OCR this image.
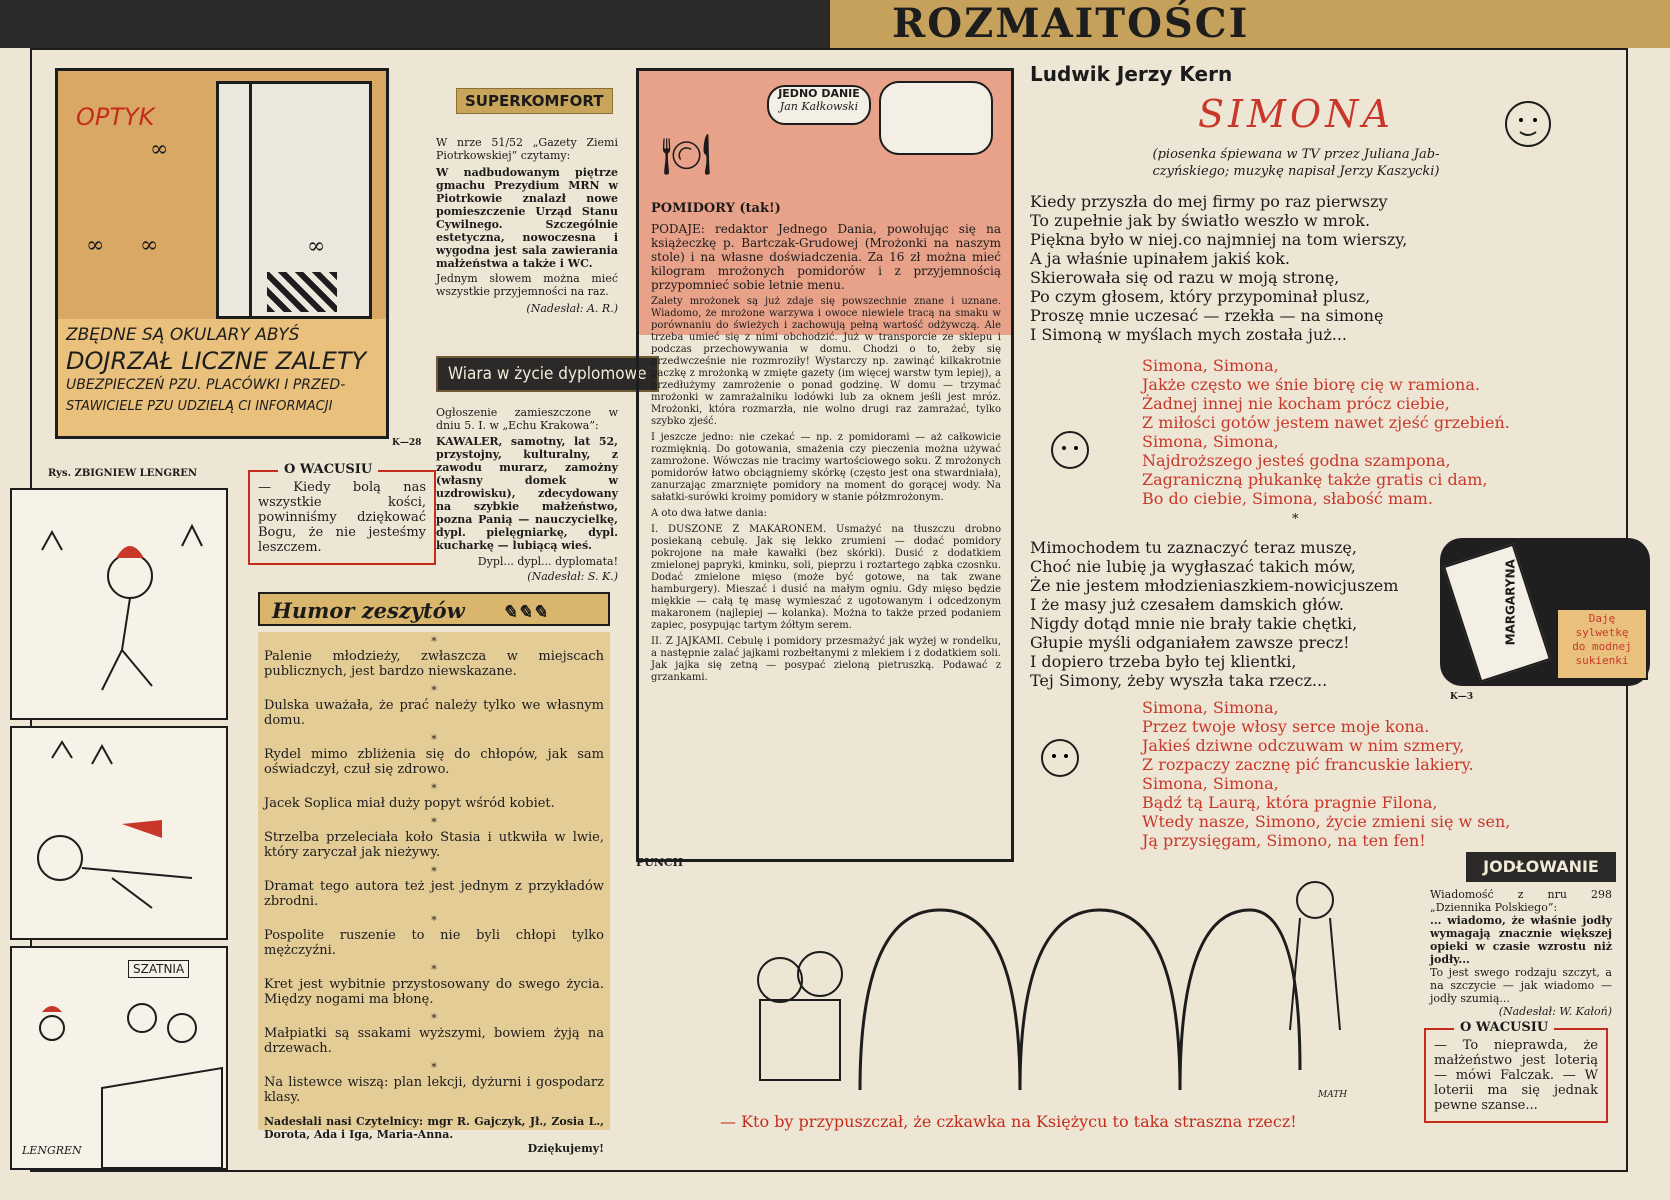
ROZMAITOŚCI
∞
OPTYK
∞
∞ ∞
ZBĘDNE SĄ OKULARY ABYŚ
DOJRZAŁ LICZNE ZALETY
UBEZPIECZEŃ PZU. PLACÓWKI I PRZED-
STAWICIELE PZU UDZIELĄ CI INFORMACJI
K—28
SUPERKOMFORT
W nrze 51/52 „Gazety Ziemi Piotrkowskiej” czytamy:
W nadbudowanym piętrze gmachu Prezydium MRN w Piotrkowie znalazł nowe pomieszczenie Urząd Stanu Cywilnego. Szczególnie estetyczna, nowoczesna i wygodna jest sala zawierania małżeństwa a także i WC.
Jednym słowem można mieć wszystkie przyjemności na raz.
(Nadesłał: A. R.)
Wiara w życie dyplomowe
Ogłoszenie zamieszczone w dniu 5. I. w „Echu Krakowa”:
KAWALER, samotny, lat 52, przystojny, kulturalny, z zawodu murarz, zamożny (własny domek w uzdrowisku), zdecydowany na szybkie małżeństwo, pozna Panią — nauczycielkę, dypl. pielęgniarkę, dypl. kucharkę — lubiącą wieś.
Dypl... dypl... dyplomata!
(Nadesłał: S. K.)
Rys. ZBIGNIEW LENGREN
SZATNIA
LENGREN
O WACUSIU
— Kiedy bolą nas wszystkie kości, powinniśmy dziękować Bogu, że nie jesteśmy leszczem.
Humor zeszytów ✎✎✎
*
Palenie młodzieży, zwłaszcza w miejscach publicznych, jest bardzo niewskazane.
*
Dulska uważała, że prać należy tylko we własnym domu.
*
Rydel mimo zbliżenia się do chłopów, jak sam oświadczył, czuł się zdrowo.
*
Jacek Soplica miał duży popyt wśród kobiet.
*
Strzelba przeleciała koło Stasia i utkwiła w lwie, który zaryczał jak nieżywy.
*
Dramat tego autora też jest jednym z przykładów zbrodni.
*
Pospolite ruszenie to nie byli chłopi tylko mężczyźni.
*
Kret jest wybitnie przystosowany do swego życia. Między nogami ma błonę.
*
Małpiatki są ssakami wyższymi, bowiem żyją na drzewach.
*
Na listewce wiszą: plan lekcji, dyżurni i gospodarz klasy.
Nadesłali nasi Czytelnicy: mgr R. Gajczyk, Jł., Zosia L., Dorota, Ada i Iga, Maria-Anna.
Dziękujemy!
JEDNO DANIE
Jan Kałkowski
🍽
POMIDORY (tak!)
PODAJE: redaktor Jednego Dania, powołując się na książeczkę p. Bartczak-Grudowej (Mrożonki na naszym stole) i na własne doświadczenia. Za 16 zł można mieć kilogram mrożonych pomidorów i z przyjemnością przypomnieć sobie letnie menu.
Zalety mrożonek są już zdaje się powszechnie znane i uznane. Wiadomo, że mrożone warzywa i owoce niewiele tracą na smaku w porównaniu do świeżych i zachowują pełną wartość odżywczą. Ale trzeba umieć się z nimi obchodzić. Już w transporcie ze sklepu i podczas przechowywania w domu. Chodzi o to, żeby się przedwcześnie nie rozmroziły! Wystarczy np. zawinąć kilkakrotnie paczkę z mrożonką w zmięte gazety (im więcej warstw tym lepiej), a przedłużymy zamrożenie o ponad godzinę. W domu — trzymać mrożonki w zamrażalniku lodówki lub za oknem jeśli jest mróz. Mrożonki, która rozmarzła, nie wolno drugi raz zamrażać, tylko szybko zjeść.
I jeszcze jedno: nie czekać — np. z pomidorami — aż całkowicie rozmięknią. Do gotowania, smażenia czy pieczenia można używać zamrożone. Wówczas nie tracimy wartościowego soku. Z mrożonych pomidorów łatwo obciągniemy skórkę (często jest ona stwardniała), zanurzając zmarznięte pomidory na moment do gorącej wody. Na sałatki-surówki kroimy pomidory w stanie półzmrożonym.
A oto dwa łatwe dania:
I. DUSZONE Z MAKARONEM. Usmażyć na tłuszczu drobno posiekaną cebulę. Jak się lekko zrumieni — dodać pomidory pokrojone na małe kawałki (bez skórki). Dusić z dodatkiem zmielonej papryki, kminku, soli, pieprzu i roztartego ząbka czosnku. Dodać zmielone mięso (może być gotowe, na tak zwane hamburgery). Mieszać i dusić na małym ogniu. Gdy mięso będzie miękkie — całą tę masę wymieszać z ugotowanym i odcedzonym makaronem (najlepiej — kolanka). Można to także przed podaniem zapiec, posypując tartym żółtym serem.
II. Z JAJKAMI. Cebulę i pomidory przesmażyć jak wyżej w rondelku, a następnie zalać jajkami rozbełtanymi z mlekiem i z dodatkiem soli. Jak jajka się zetną — posypać zieloną pietruszką. Podawać z grzankami.
PUNCH
MATH
— Kto by przypuszczał, że czkawka na Księżycu to taka straszna rzecz!
Ludwik Jerzy Kern
SIMONA
(piosenka śpiewana w TV przez Juliana Jab-
czyńskiego; muzykę napisał Jerzy Kaszycki)
Kiedy przyszła do mej firmy po raz pierwszy
To zupełnie jak by światło weszło w mrok.
Piękna było w niej.co najmniej na tom wierszy,
A ja właśnie upinałem jakiś kok.
Skierowała się od razu w moją stronę,
Po czym głosem, który przypominał plusz,
Proszę mnie uczesać — rzekła — na simonę
I Simoną w myślach mych została już...
Simona, Simona,
Jakże często we śnie biorę cię w ramiona.
Żadnej innej nie kocham prócz ciebie,
Z miłości gotów jestem nawet zjeść grzebień.
Simona, Simona,
Najdroższego jesteś godna szampona,
Zagraniczną płukankę także gratis ci dam,
Bo do ciebie, Simona, słabość mam.
*
Mimochodem tu zaznaczyć teraz muszę,
Choć nie lubię ja wygłaszać takich mów,
Że nie jestem młodzieniaszkiem-nowicjuszem
I że masy już czesałem damskich głów.
Nigdy dotąd mnie nie brały takie chętki,
Głupie myśli odganiałem zawsze precz!
I dopiero trzeba było tej klientki,
Tej Simony, żeby wyszła taka rzecz...
Simona, Simona,
Przez twoje włosy serce moje kona.
Jakieś dziwne odczuwam w nim szmery,
Z rozpaczy zacznę pić francuskie lakiery.
Simona, Simona,
Bądź tą Laurą, która pragnie Filona,
Wtedy nasze, Simono, życie zmieni się w sen,
Ją przysięgam, Simono, na ten fen!
MARGARYNA	Daję
sylwetkę
do modnej
sukienki
K—3
JODŁOWANIE
Wiadomość z nru 298 „Dziennika Polskiego”:
... wiadomo, że właśnie jodły wymagają znacznie większej opieki w czasie wzrostu niż jodły...
To jest swego rodzaju szczyt, a na szczycie — jak wiadomo — jodły szumią...
(Nadesłał: W. Kałoń)
O WACUSIU
— To nieprawda, że małżeństwo jest loterią — mówi Falczak. — W loterii ma się jednak pewne szanse...
